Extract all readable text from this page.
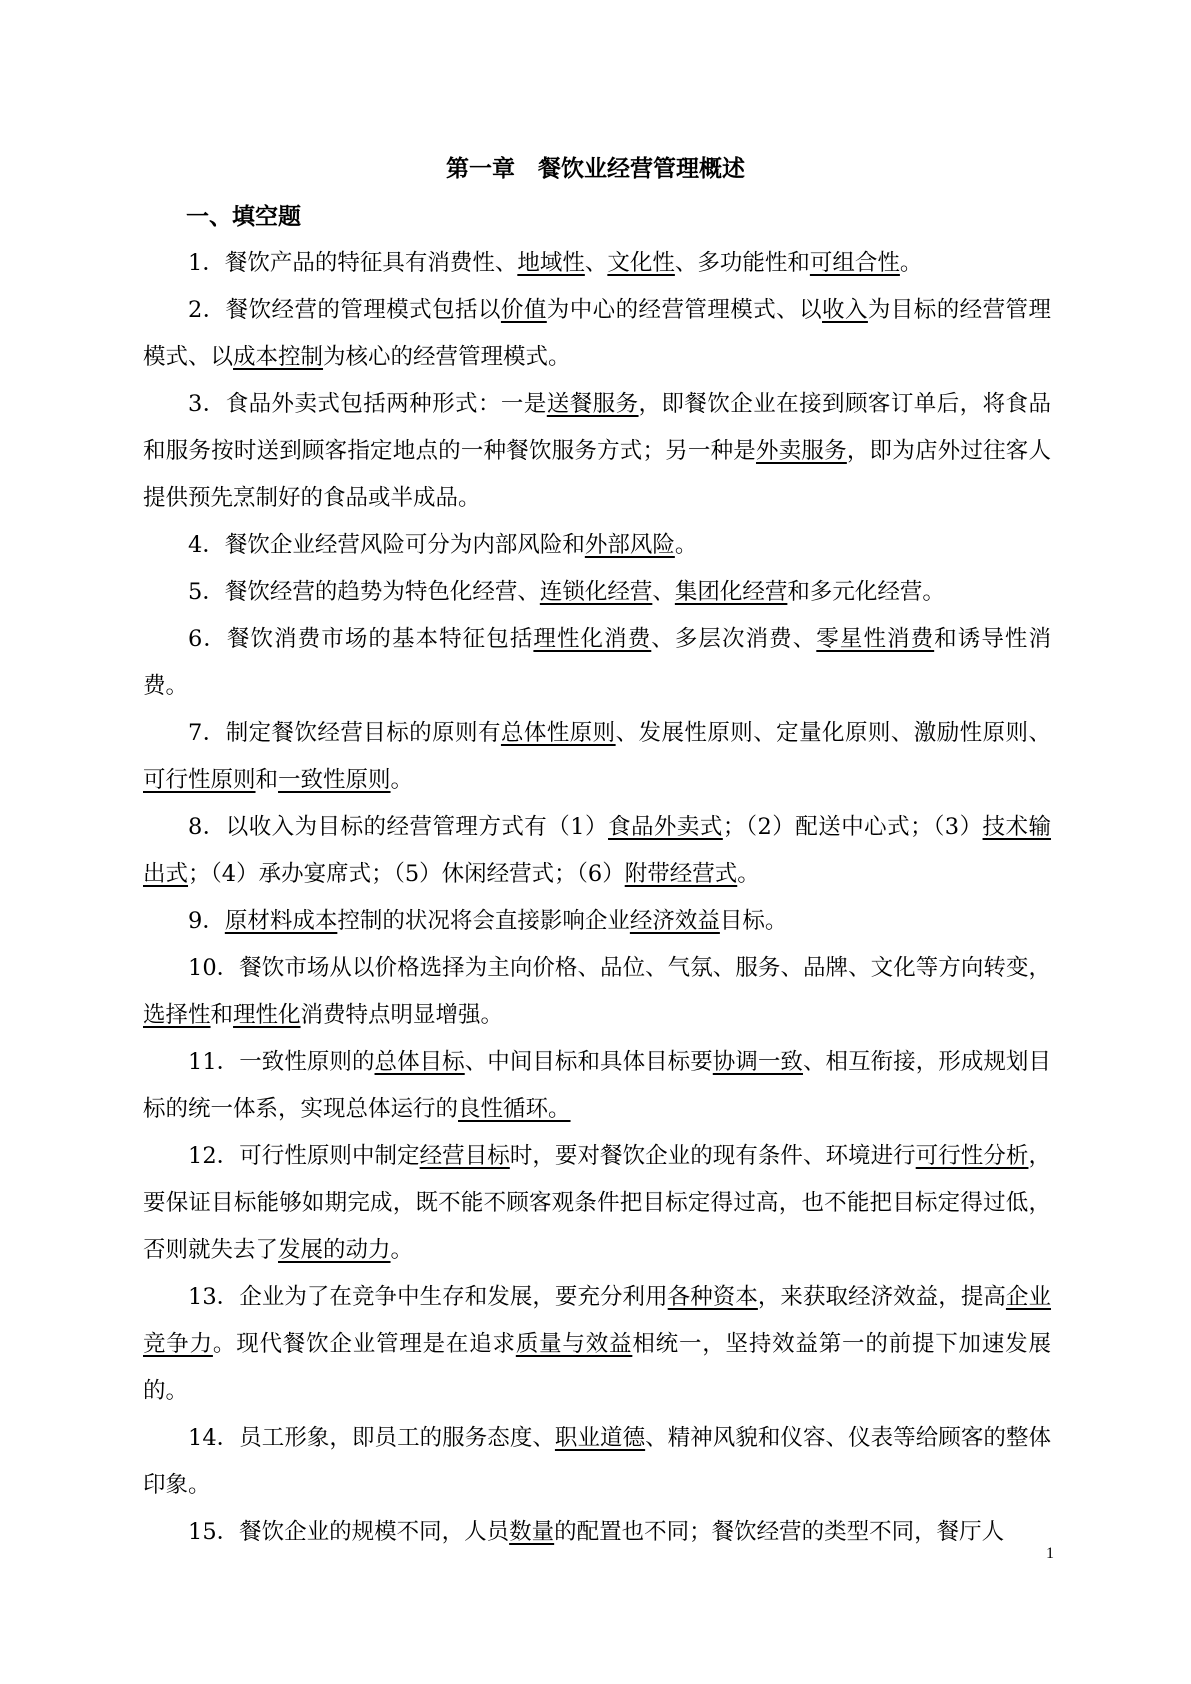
第一章　餐饮业经营管理概述
一、填空题

1．餐饮产品的特征具有消费性、地域性、文化性、多功能性和可组合性。

2．餐饮经营的管理模式包括以价值为中心的经营管理模式、以收入为目标的经营管理模式、以成本控制为核心的经营管理模式。

3．食品外卖式包括两种形式：一是送餐服务，即餐饮企业在接到顾客订单后，将食品和服务按时送到顾客指定地点的一种餐饮服务方式；另一种是外卖服务，即为店外过往客人提供预先烹制好的食品或半成品。

4．餐饮企业经营风险可分为内部风险和外部风险。

5．餐饮经营的趋势为特色化经营、连锁化经营、集团化经营和多元化经营。

6．餐饮消费市场的基本特征包括理性化消费、多层次消费、零星性消费和诱导性消费。

7．制定餐饮经营目标的原则有总体性原则、发展性原则、定量化原则、激励性原则、可行性原则和一致性原则。

8．以收入为目标的经营管理方式有（1）食品外卖式；（2）配送中心式；（3）技术输出式；（4）承办宴席式；（5）休闲经营式；（6）附带经营式。

9．原材料成本控制的状况将会直接影响企业经济效益目标。

10．餐饮市场从以价格选择为主向价格、品位、气氛、服务、品牌、文化等方向转变，选择性和理性化消费特点明显增强。

11．一致性原则的总体目标、中间目标和具体目标要协调一致、相互衔接，形成规划目标的统一体系，实现总体运行的良性循环。

12．可行性原则中制定经营目标时，要对餐饮企业的现有条件、环境进行可行性分析，要保证目标能够如期完成，既不能不顾客观条件把目标定得过高，也不能把目标定得过低，否则就失去了发展的动力。

13．企业为了在竞争中生存和发展，要充分利用各种资本，来获取经济效益，提高企业竞争力。现代餐饮企业管理是在追求质量与效益相统一，坚持效益第一的前提下加速发展的。

14．员工形象，即员工的服务态度、职业道德、精神风貌和仪容、仪表等给顾客的整体印象。

15．餐饮企业的规模不同，人员数量的配置也不同；餐饮经营的类型不同，餐厅人

1
